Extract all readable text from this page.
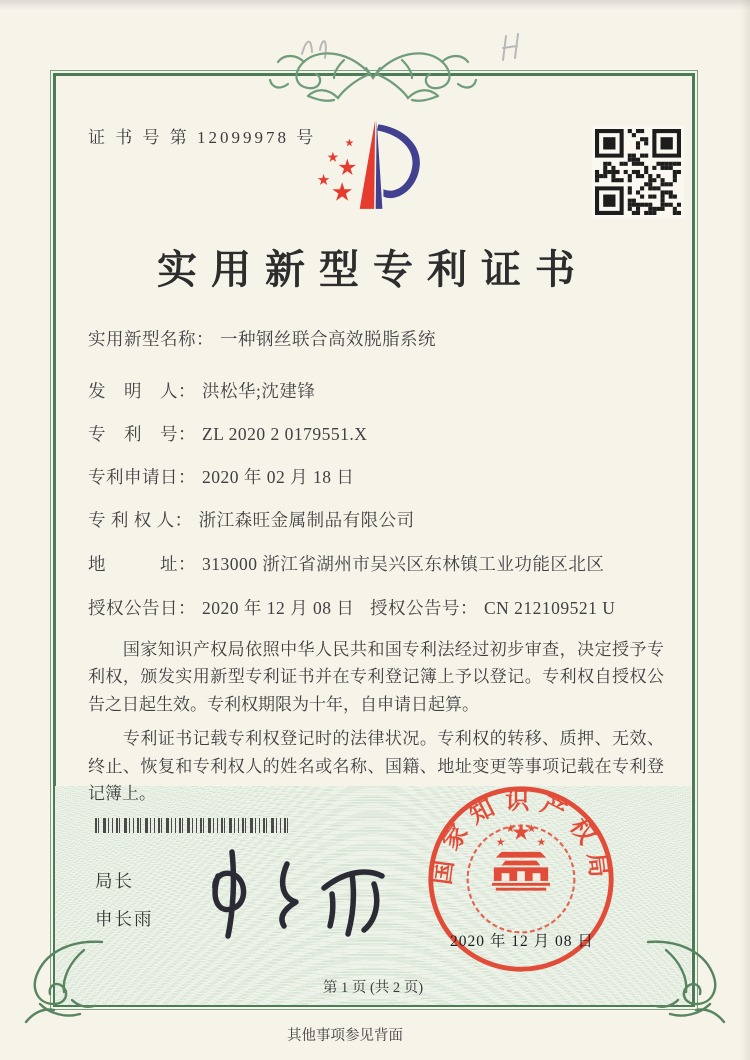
证 书 号 第 12099978 号
实用新型专利证书
实用新型名称： 一种钢丝联合高效脱脂系统
发　明　人： 洪松华;沈建锋
专　利　号： ZL 2020 2 0179551.X
专利申请日： 2020 年 02 月 18 日
专 利 权 人： 浙江森旺金属制品有限公司
地　　　址： 313000 浙江省湖州市吴兴区东林镇工业功能区北区
授权公告日： 2020 年 12 月 08 日 授权公告号： CN 212109521 U

国家知识产权局依照中华人民共和国专利法经过初步审查，决定授予专利权，颁发实用新型专利证书并在专利登记簿上予以登记。专利权自授权公告之日起生效。专利权期限为十年，自申请日起算。

专利证书记载专利权登记时的法律状况。专利权的转移、质押、无效、终止、恢复和专利权人的姓名或名称、国籍、地址变更等事项记载在专利登记簿上。

局长
申长雨
国家知识产权局
2020 年 12 月 08 日
第 1 页 (共 2 页)
其他事项参见背面
